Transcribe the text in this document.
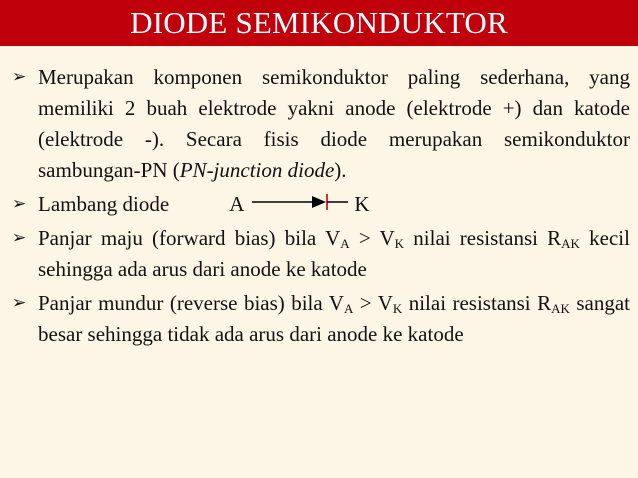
DIODE SEMIKONDUKTOR
➢ Merupakan komponen semikonduktor paling sederhana, yang memiliki 2 buah elektrode yakni anode (elektrode +) dan katode (elektrode -). Secara fisis diode merupakan semikonduktor sambungan-PN (PN-junction diode).
➢ Lambang diode	A	K
➢ Panjar maju (forward bias) bila $V_A > V_K$ nilai resistansi $R_{AK}$ kecil sehingga ada arus dari anode ke katode
➢ Panjar mundur (reverse bias) bila $V_A > V_K$ nilai resistansi $R_{AK}$ sangat besar sehingga tidak ada arus dari anode ke katode
